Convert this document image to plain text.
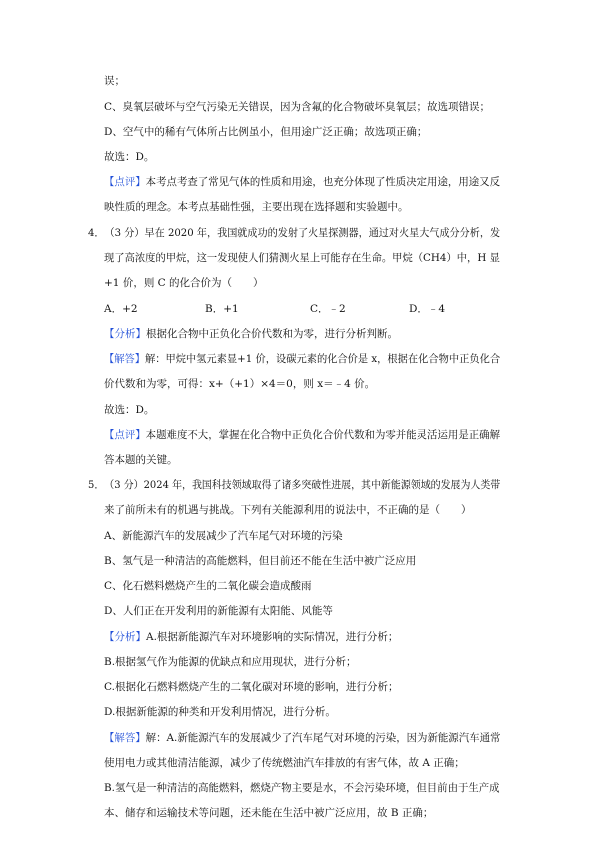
误；
C、臭氧层破坏与空气污染无关错误，因为含氟的化合物破坏臭氧层；故选项错误；
D、空气中的稀有气体所占比例虽小，但用途广泛正确；故选项正确；
故选：D。
【点评】本考点考查了常见气体的性质和用途，也充分体现了性质决定用途，用途又反
映性质的理念。本考点基础性强，主要出现在选择题和实验题中。
4．（3 分）早在 2020 年，我国就成功的发射了火星探测器，通过对火星大气成分分析，发
现了高浓度的甲烷，这一发现使人们猜测火星上可能存在生命。甲烷（CH4）中，H 显
+1 价，则 C 的化合价为（　　）
A．+2	B．+1	C．﹣2	D．﹣4
【分析】根据化合物中正负化合价代数和为零，进行分析判断。
【解答】解：甲烷中氢元素显+1 价，设碳元素的化合价是 x，根据在化合物中正负化合
价代数和为零，可得：x+（+1）×4＝0，则 x＝﹣4 价。
故选：D。
【点评】本题难度不大，掌握在化合物中正负化合价代数和为零并能灵活运用是正确解
答本题的关键。
5．（3 分）2024 年，我国科技领域取得了诸多突破性进展，其中新能源领域的发展为人类带
来了前所未有的机遇与挑战。下列有关能源利用的说法中，不正确的是（　　）
A、新能源汽车的发展减少了汽车尾气对环境的污染
B、氢气是一种清洁的高能燃料，但目前还不能在生活中被广泛应用
C、化石燃料燃烧产生的二氧化碳会造成酸雨
D、人们正在开发利用的新能源有太阳能、风能等
【分析】A.根据新能源汽车对环境影响的实际情况，进行分析；
B.根据氢气作为能源的优缺点和应用现状，进行分析；
C.根据化石燃料燃烧产生的二氧化碳对环境的影响，进行分析；
D.根据新能源的种类和开发利用情况，进行分析。
【解答】解：A.新能源汽车的发展减少了汽车尾气对环境的污染，因为新能源汽车通常
使用电力或其他清洁能源，减少了传统燃油汽车排放的有害气体，故 A 正确；
B.氢气是一种清洁的高能燃料，燃烧产物主要是水，不会污染环境，但目前由于生产成
本、储存和运输技术等问题，还未能在生活中被广泛应用，故 B 正确；
